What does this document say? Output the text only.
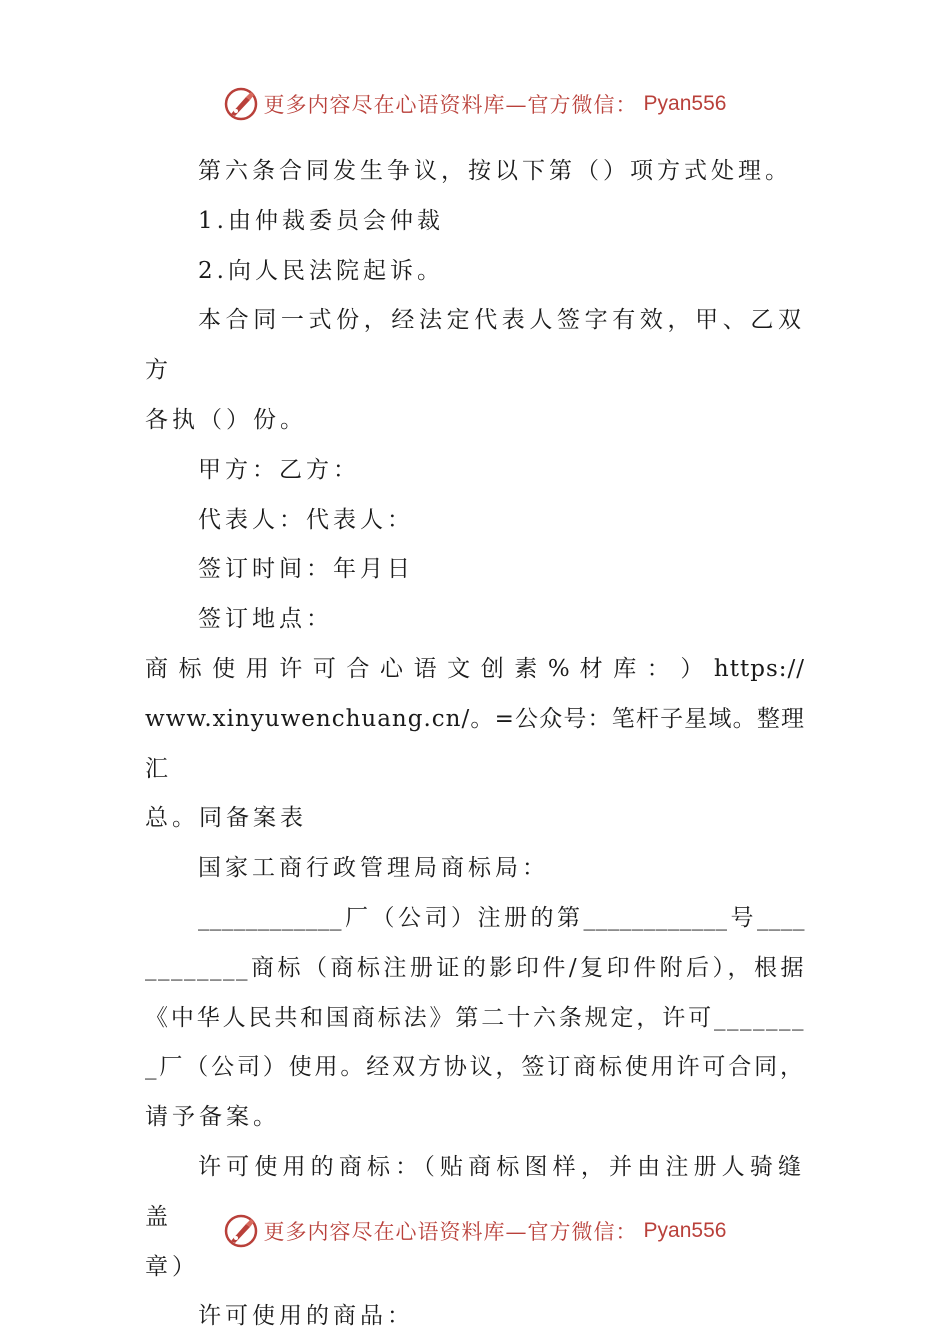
更多内容尽在心语资料库—官方微信： Pyan556

第六条合同发生争议，按以下第（）项方式处理。

1.由仲裁委员会仲裁

2.向人民法院起诉。

本合同一式份，经法定代表人签字有效，甲、乙双方

各执（）份。

甲方：乙方：

代表人：代表人：

签订时间：年月日

签订地点：

商 标 使 用 许 可 合 心 语 文 创 素 % 材 库 ： ） https://

www.xinyuwenchuang.cn/。=公众号：笔杆子星域。整理汇

总。同备案表

国家工商行政管理局商标局：

____________厂（公司）注册的第____________号____

________商标（商标注册证的影印件/复印件附后），根据

《中华人民共和国商标法》第二十六条规定，许可_______

_厂（公司）使用。经双方协议，签订商标使用许可合同，

请予备案。

许可使用的商标：（贴商标图样，并由注册人骑缝盖

章）

许可使用的商品：

更多内容尽在心语资料库—官方微信： Pyan556
